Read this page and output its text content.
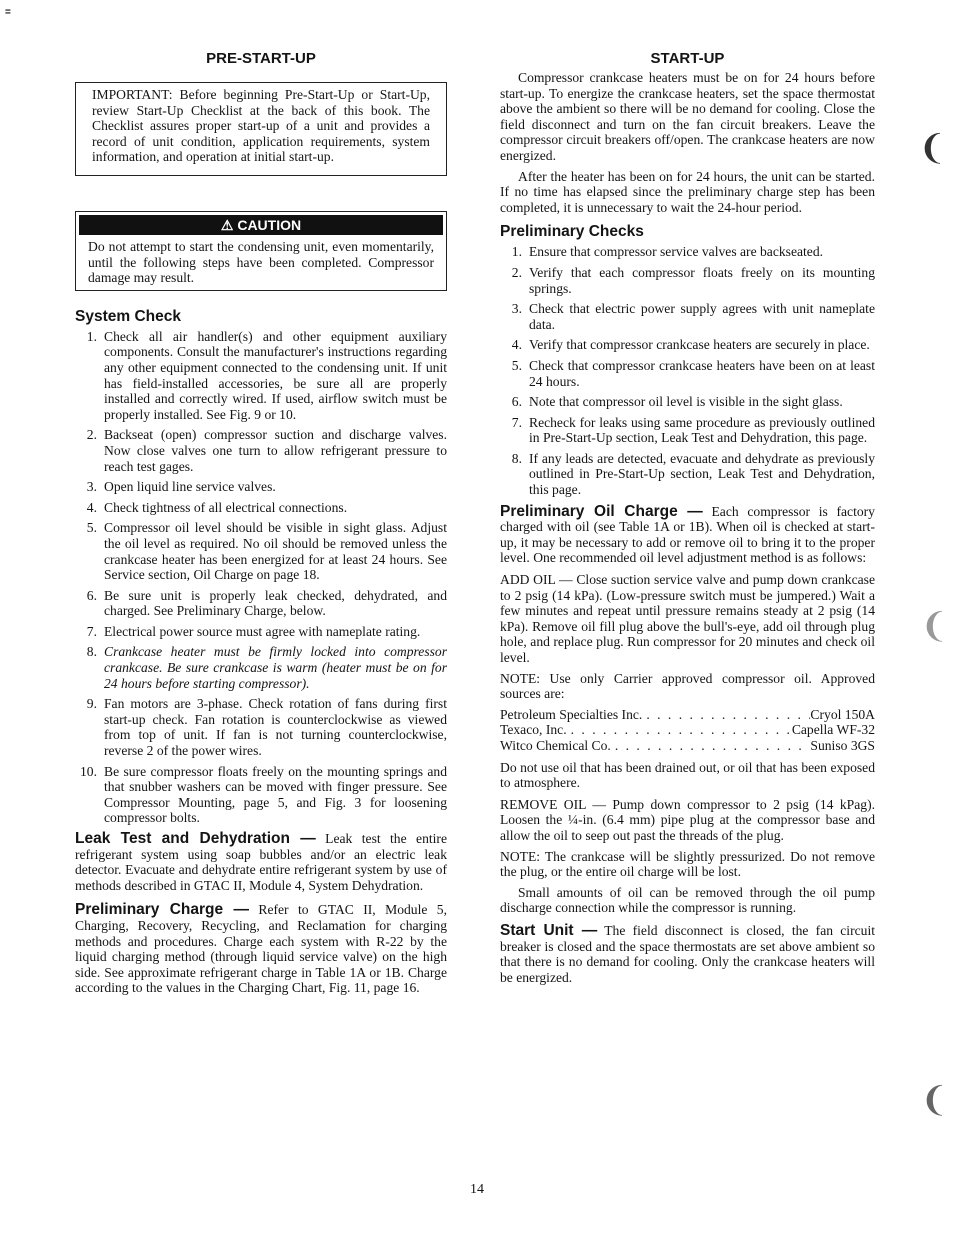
=
PRE-START-UP
IMPORTANT: Before beginning Pre-Start-Up or Start-Up, review Start-Up Checklist at the back of this book. The Checklist assures proper start-up of a unit and provides a record of unit condition, application requirements, system information, and operation at initial start-up.
⚠ CAUTION
Do not attempt to start the condensing unit, even momentarily, until the following steps have been completed. Compressor damage may result.
System Check
1. Check all air handler(s) and other equipment auxiliary components. Consult the manufacturer's instructions regarding any other equipment connected to the condensing unit. If unit has field-installed accessories, be sure all are properly installed and correctly wired. If used, airflow switch must be properly installed. See Fig. 9 or 10.
2. Backseat (open) compressor suction and discharge valves. Now close valves one turn to allow refrigerant pressure to reach test gages.
3. Open liquid line service valves.
4. Check tightness of all electrical connections.
5. Compressor oil level should be visible in sight glass. Adjust the oil level as required. No oil should be removed unless the crankcase heater has been energized for at least 24 hours. See Service section, Oil Charge on page 18.
6. Be sure unit is properly leak checked, dehydrated, and charged. See Preliminary Charge, below.
7. Electrical power source must agree with nameplate rating.
8. Crankcase heater must be firmly locked into compressor crankcase. Be sure crankcase is warm (heater must be on for 24 hours before starting compressor).
9. Fan motors are 3-phase. Check rotation of fans during first start-up check. Fan rotation is counterclockwise as viewed from top of unit. If fan is not turning counterclockwise, reverse 2 of the power wires.
10. Be sure compressor floats freely on the mounting springs and that snubber washers can be moved with finger pressure. See Compressor Mounting, page 5, and Fig. 3 for loosening compressor bolts.

Leak Test and Dehydration — Leak test the entire refrigerant system using soap bubbles and/or an electric leak detector. Evacuate and dehydrate entire refrigerant system by use of methods described in GTAC II, Module 4, System Dehydration.

Preliminary Charge — Refer to GTAC II, Module 5, Charging, Recovery, Recycling, and Reclamation for charging methods and procedures. Charge each system with R-22 by the liquid charging method (through liquid service valve) on the high side. See approximate refrigerant charge in Table 1A or 1B. Charge according to the values in the Charging Chart, Fig. 11, page 16.

START-UP

Compressor crankcase heaters must be on for 24 hours before start-up. To energize the crankcase heaters, set the space thermostat above the ambient so there will be no demand for cooling. Close the field disconnect and turn on the fan circuit breakers. Leave the compressor circuit breakers off/open. The crankcase heaters are now energized.

After the heater has been on for 24 hours, the unit can be started. If no time has elapsed since the preliminary charge step has been completed, it is unnecessary to wait the 24-hour period.

Preliminary Checks
1. Ensure that compressor service valves are backseated.
2. Verify that each compressor floats freely on its mounting springs.
3. Check that electric power supply agrees with unit nameplate data.
4. Verify that compressor crankcase heaters are securely in place.
5. Check that compressor crankcase heaters have been on at least 24 hours.
6. Note that compressor oil level is visible in the sight glass.
7. Recheck for leaks using same procedure as previously outlined in Pre-Start-Up section, Leak Test and Dehydration, this page.
8. If any leads are detected, evacuate and dehydrate as previously outlined in Pre-Start-Up section, Leak Test and Dehydration, this page.

Preliminary Oil Charge — Each compressor is factory charged with oil (see Table 1A or 1B). When oil is checked at start-up, it may be necessary to add or remove oil to bring it to the proper level. One recommended oil level adjustment method is as follows:

ADD OIL — Close suction service valve and pump down crankcase to 2 psig (14 kPa). (Low-pressure switch must be jumpered.) Wait a few minutes and repeat until pressure remains steady at 2 psig (14 kPa). Remove oil fill plug above the bull's-eye, add oil through plug hole, and replace plug. Run compressor for 20 minutes and check oil level.

NOTE: Use only Carrier approved compressor oil. Approved sources are:

Petroleum Specialties Inc. . . .	Cryol 150A
Texaco, Inc. . . .	Capella WF-32
Witco Chemical Co. . . .	Suniso 3GS

Do not use oil that has been drained out, or oil that has been exposed to atmosphere.

REMOVE OIL — Pump down compressor to 2 psig (14 kPag). Loosen the ¼-in. (6.4 mm) pipe plug at the compressor base and allow the oil to seep out past the threads of the plug.

NOTE: The crankcase will be slightly pressurized. Do not remove the plug, or the entire oil charge will be lost.

Small amounts of oil can be removed through the oil pump discharge connection while the compressor is running.

Start Unit — The field disconnect is closed, the fan circuit breaker is closed and the space thermostats are set above ambient so that there is no demand for cooling. Only the crankcase heaters will be energized.

14
❨
❨
❨
